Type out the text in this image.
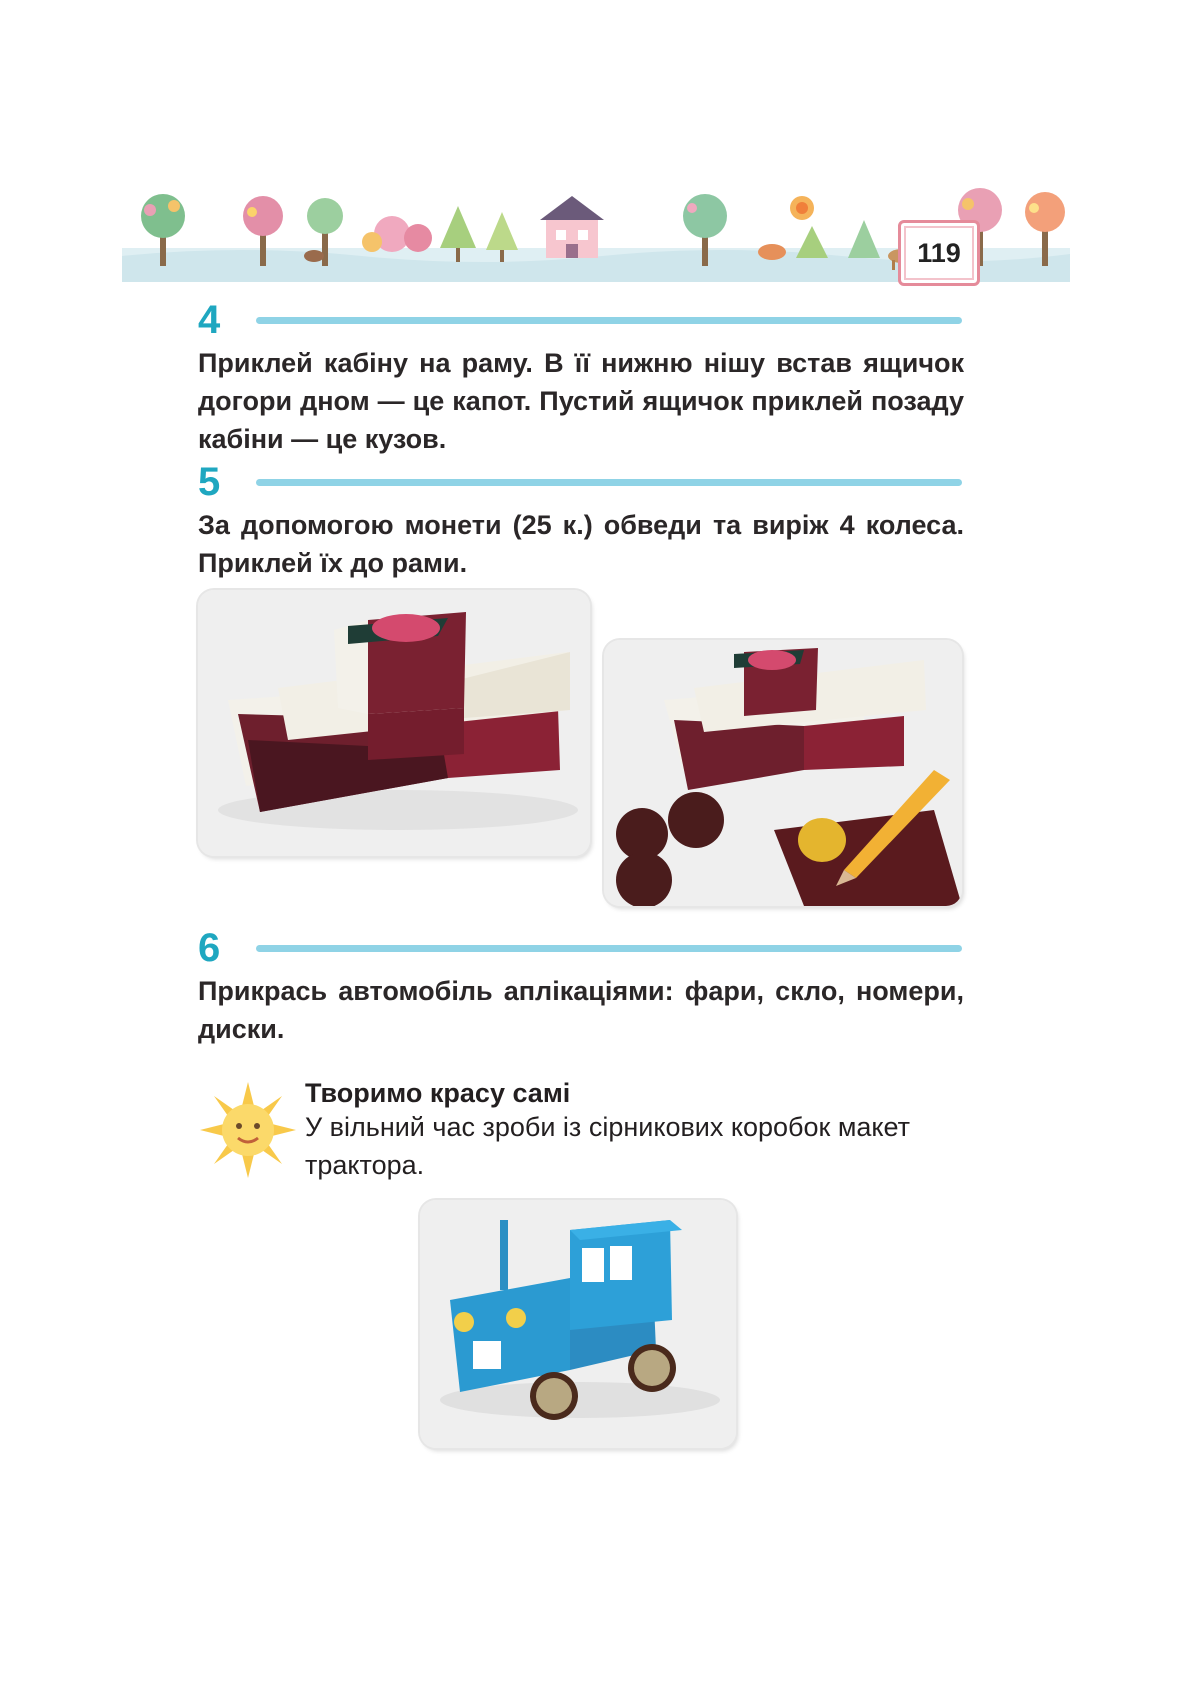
119
4
Приклей кабіну на раму. В її нижню нішу встав ящичок догори дном — це капот. Пустий ящичок приклей позаду кабіни — це кузов.
5
За допомогою монети (25 к.) обведи та виріж 4 колеса. Приклей їх до рами.
6
Прикрась автомобіль аплікаціями: фари, скло, номери, диски.
Творимо красу самі
У вільний час зроби із сірникових коробок макет трактора.
